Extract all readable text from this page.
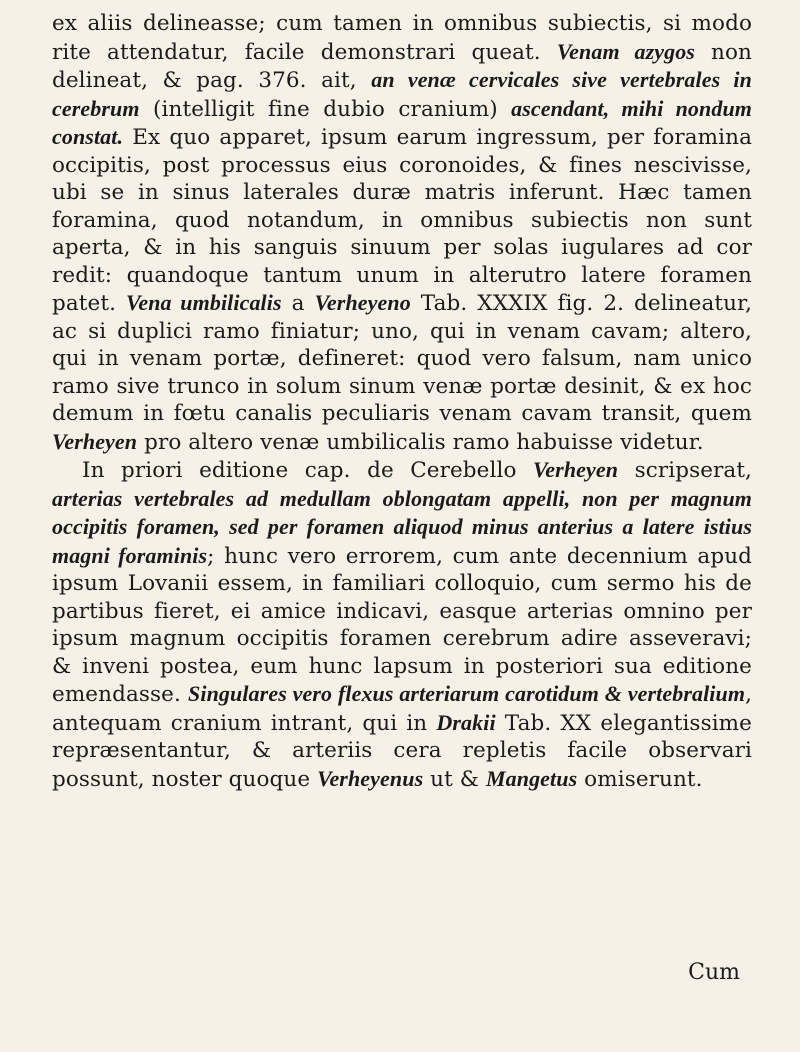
ex aliis delineasse; cum tamen in omnibus subiectis, si modo rite attendatur, facile demonstrari queat. Venam azygos non delineat, & pag. 376. ait, an venæ cervicales sive vertebrales in cerebrum (intelligit fine dubio cranium) ascendant, mihi nondum constat. Ex quo apparet, ipsum earum ingressum, per foramina occipitis, post processus eius coronoides, & fines nescivisse, ubi se in sinus laterales duræ matris inferunt. Hæc tamen foramina, quod notandum, in omnibus subiectis non sunt aperta, & in his sanguis sinuum per solas iugulares ad cor redit: quandoque tantum unum in alterutro latere foramen patet. Vena umbilicalis a Verheyeno Tab. XXXIX fig. 2. delineatur, ac si duplici ramo finiatur; uno, qui in venam cavam; altero, qui in venam portæ, defineret: quod vero falsum, nam unico ramo sive trunco in solum sinum venæ portæ desinit, & ex hoc demum in fœtu canalis peculiaris venam cavam transit, quem Verheyen pro altero venæ umbilicalis ramo habuisse videtur.

In priori editione cap. de Cerebello Verheyen scripserat, arterias vertebrales ad medullam oblongatam appelli, non per magnum occipitis foramen, sed per foramen aliquod minus anterius a latere istius magni foraminis; hunc vero errorem, cum ante decennium apud ipsum Lovanii essem, in familiari colloquio, cum sermo his de partibus fieret, ei amice indicavi, easque arterias omnino per ipsum magnum occipitis foramen cerebrum adire asseveravi; & inveni postea, eum hunc lapsum in posteriori sua editione emendasse. Singulares vero flexus arteriarum carotidum & vertebralium, antequam cranium intrant, qui in Drakii Tab. XX elegantissime repræsentantur, & arteriis cera repletis facile observari possunt, noster quoque Verheyenus ut & Mangetus omiserunt.

Cum
